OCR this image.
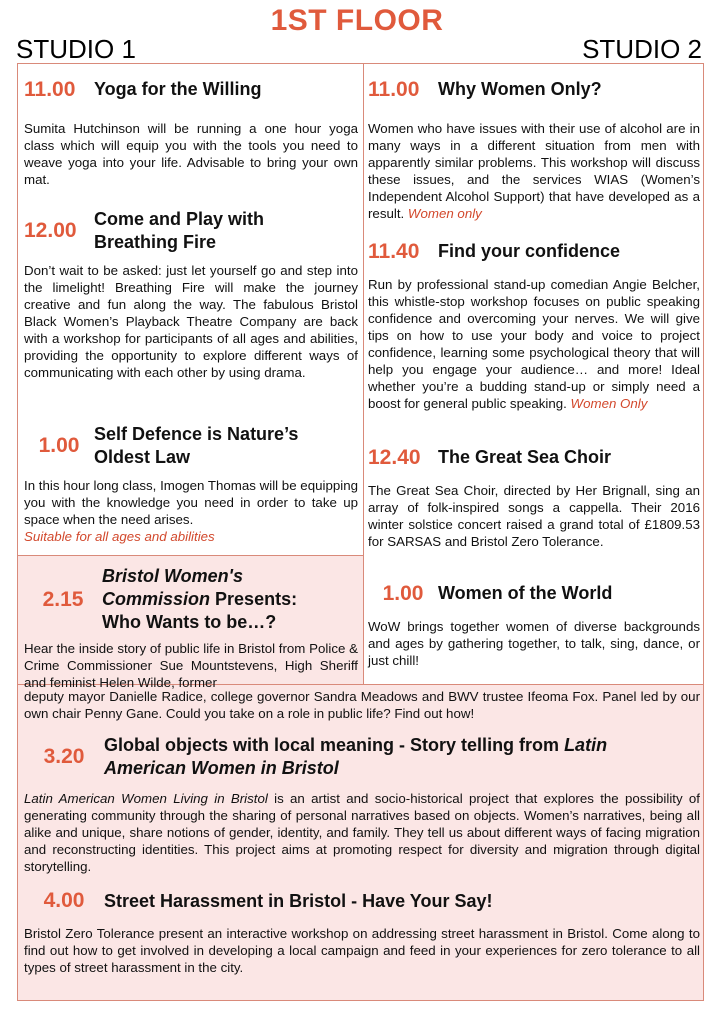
1ST FLOOR
STUDIO 1	STUDIO 2
11.00	Yoga for the Willing
Sumita Hutchinson will be running a one hour yoga class which will equip you with the tools you need to weave yoga into your life. Advisable to bring your own mat.
12.00 Come and Play with Breathing Fire
Don’t wait to be asked: just let yourself go and step into the limelight! Breathing Fire will make the journey creative and fun along the way. The fabulous Bristol Black Women’s Playback Theatre Company are back with a workshop for participants of all ages and abilities, providing the opportunity to explore different ways of communicating with each other by using drama.
1.00 Self Defence is Nature’s Oldest Law
In this hour long class, Imogen Thomas will be equipping you with the knowledge you need in order to take up space when the need arises.
Suitable for all ages and abilities
11.00	Why Women Only?
Women who have issues with their use of alcohol are in many ways in a different situation from men with apparently similar problems. This workshop will discuss these issues, and the services WIAS (Women’s Independent Alcohol Support) that have developed as a result. Women only
11.40	Find your confidence
Run by professional stand-up comedian Angie Belcher, this whistle-stop workshop focuses on public speaking confidence and overcoming your nerves. We will give tips on how to use your body and voice to project confidence, learning some psychological theory that will help you engage your audience… and more! Ideal whether you’re a budding stand-up or simply need a boost for general public speaking. Women Only
12.40 The Great Sea Choir
The Great Sea Choir, directed by Her Brignall, sing an array of folk-inspired songs a cappella. Their 2016 winter solstice concert raised a grand total of £1809.53 for SARSAS and Bristol Zero Tolerance.
1.00 Women of the World
WoW brings together women of diverse backgrounds and ages by gathering together, to talk, sing, dance, or just chill!
2.15
Bristol Women's Commission Presents:
Who Wants to be…?
Hear the inside story of public life in Bristol from Police & Crime Commissioner Sue Mountstevens, High Sheriff and feminist Helen Wilde, former
deputy mayor Danielle Radice, college governor Sandra Meadows and BWV trustee Ifeoma Fox. Panel led by our own chair Penny Gane. Could you take on a role in public life? Find out how!
3.20	Global objects with local meaning - Story telling from Latin American Women in Bristol
Latin American Women Living in Bristol is an artist and socio-historical project that explores the possibility of generating community through the sharing of personal narratives based on objects. Women’s narratives, being all alike and unique, share notions of gender, identity, and family. They tell us about different ways of facing migration and reconstructing identities. This project aims at promoting respect for diversity and migration through digital storytelling.
4.00	Street Harassment in Bristol - Have Your Say!
Bristol Zero Tolerance present an interactive workshop on addressing street harassment in Bristol. Come along to find out how to get involved in developing a local campaign and feed in your experiences for zero tolerance to all types of street harassment in the city.
